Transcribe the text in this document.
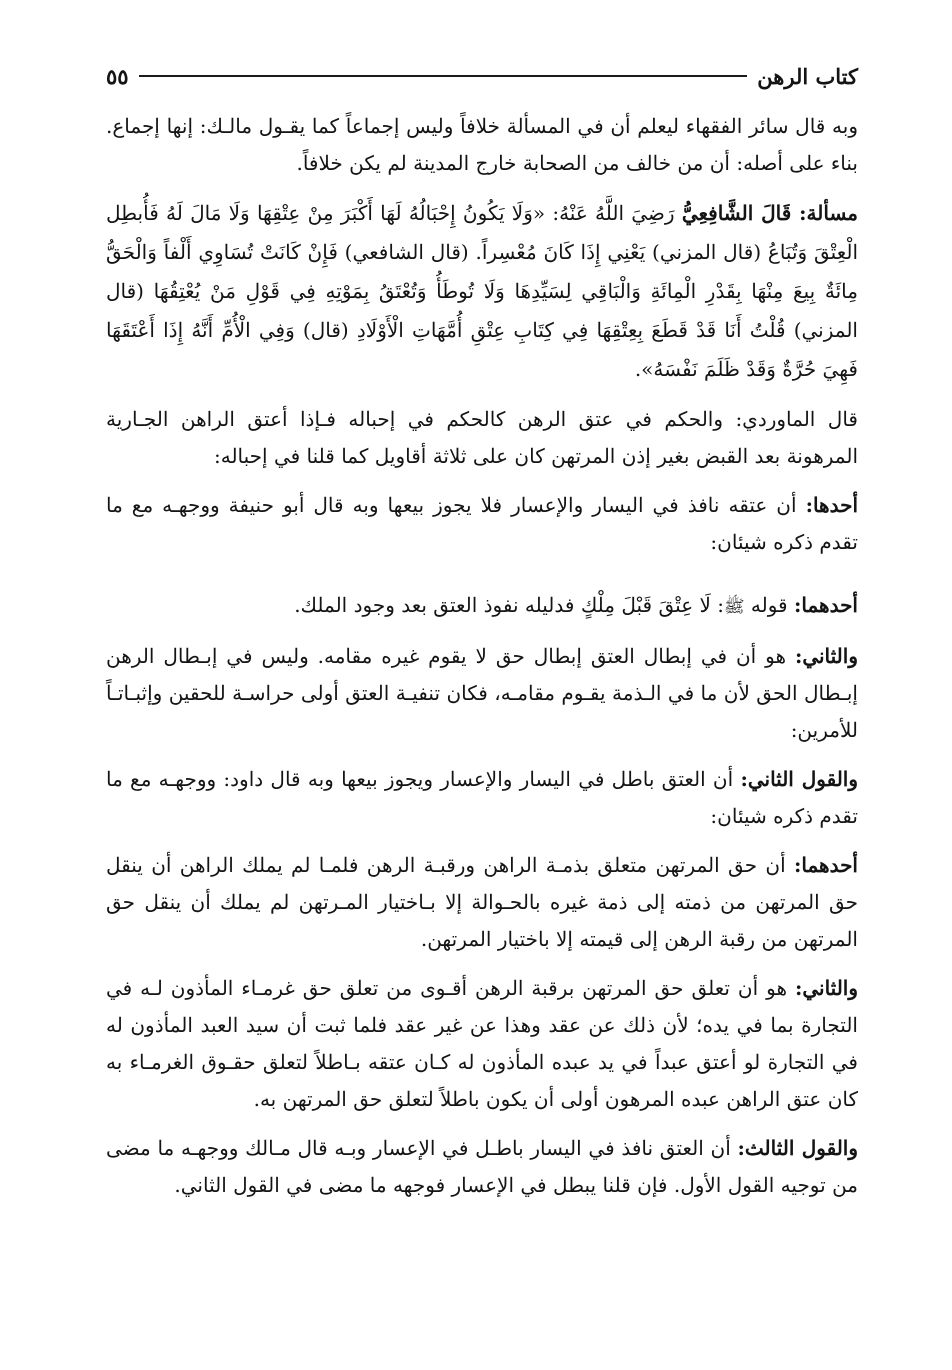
كتاب الرهن
٥٥

وبه قال سائر الفقهاء ليعلم أن في المسألة خلافاً وليس إجماعاً كما يقـول مالـك: إنها إجماع. بناء على أصله: أن من خالف من الصحابة خارج المدينة لم يكن خلافاً.

مسألة: قَالَ الشَّافِعِيُّ رَضِيَ اللَّهُ عَنْهُ: «وَلَا يَكُونُ إِحْبَالُهُ لَهَا أَكْبَرَ مِنْ عِتْقِهَا وَلَا مَالَ لَهُ فَأُبطِل الْعِتْقَ وَتُبَاعُ (قال المزني) يَعْنِي إِذَا كَانَ مُعْسِراً. (قال الشافعي) فَإِنْ كَانَتْ تُسَاوِي أَلْفاً وَالْحَقُّ مِائَةٌ بِيعَ مِنْهَا بِقَدْرِ الْمِائَةِ وَالْبَاقِي لِسَيِّدِهَا وَلَا تُوطَأُ وَتُعْتَقُ بِمَوْتِهِ فِي قَوْلِ مَنْ يُعْتِقُهَا (قال المزني) قُلْتُ أَنَا قَدْ قَطَعَ بِعِتْقِهَا فِي كِتَابِ عِتْقِ أُمَّهَاتِ الْأَوْلَادِ (قال) وَفِي الْأُمِّ أَنَّهُ إِذَا أَعْتَقَهَا فَهِيَ حُرَّةٌ وَقَدْ ظَلَمَ نَفْسَهُ».

قال الماوردي: والحكم في عتق الرهن كالحكم في إحباله فـإذا أعتق الراهن الجـارية المرهونة بعد القبض بغير إذن المرتهن كان على ثلاثة أقاويل كما قلنا في إحباله:

أحدها: أن عتقه نافذ في اليسار والإعسار فلا يجوز بيعها وبه قال أبو حنيفة ووجهـه مع ما تقدم ذكره شيئان:

أحدهما: قوله ﷺ: لَا عِتْقَ قَبْلَ مِلْكٍ فدليله نفوذ العتق بعد وجود الملك.

والثاني: هو أن في إبطال العتق إبطال حق لا يقوم غيره مقامه. وليس في إبـطال الرهن إبـطال الحق لأن ما في الـذمة يقـوم مقامـه، فكان تنفيـة العتق أولى حراسـة للحقين وإثبـاتـاً للأمرين:

والقول الثاني: أن العتق باطل في اليسار والإعسار ويجوز بيعها وبه قال داود: ووجهـه مع ما تقدم ذكره شيئان:

أحدهما: أن حق المرتهن متعلق بذمـة الراهن ورقبـة الرهن فلمـا لم يملك الراهن أن ينقل حق المرتهن من ذمته إلى ذمة غيره بالحـوالة إلا بـاختيار المـرتهن لم يملك أن ينقل حق المرتهن من رقبة الرهن إلى قيمته إلا باختيار المرتهن.

والثاني: هو أن تعلق حق المرتهن برقبة الرهن أقـوى من تعلق حق غرمـاء المأذون لـه في التجارة بما في يده؛ لأن ذلك عن عقد وهذا عن غير عقد فلما ثبت أن سيد العبد المأذون له في التجارة لو أعتق عبداً في يد عبده المأذون له كـان عتقه بـاطلاً لتعلق حقـوق الغرمـاء به كان عتق الراهن عبده المرهون أولى أن يكون باطلاً لتعلق حق المرتهن به.

والقول الثالث: أن العتق نافذ في اليسار باطـل في الإعسار وبـه قال مـالك ووجهـه ما مضى من توجيه القول الأول. فإن قلنا يبطل في الإعسار فوجهه ما مضى في القول الثاني.
